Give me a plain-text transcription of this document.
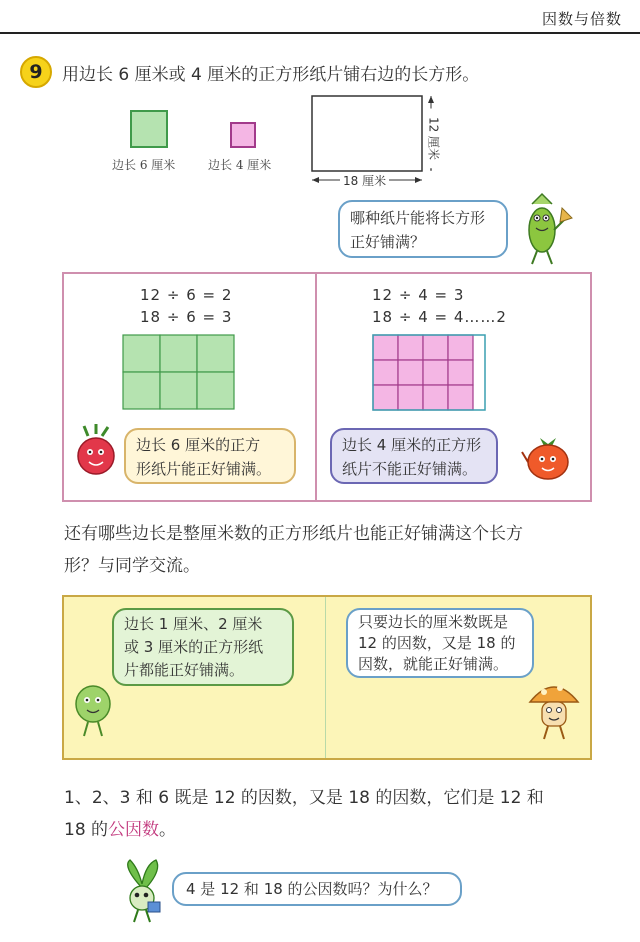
因数与倍数
9	用边长 6 厘米或 4 厘米的正方形纸片铺右边的长方形。
边长 6 厘米	边长 4 厘米
18 厘米
12 厘米
哪种纸片能将长方形
正好铺满？
12 ÷ 6 = 2
18 ÷ 6 = 3
12 ÷ 4 = 3
18 ÷ 4 = 4……2
边长 6 厘米的正方
形纸片能正好铺满。
边长 4 厘米的正方形
纸片不能正好铺满。
还有哪些边长是整厘米数的正方形纸片也能正好铺满这个长方
形？与同学交流。
边长 1 厘米、2 厘米
或 3 厘米的正方形纸
片都能正好铺满。
只要边长的厘米数既是
12 的因数，又是 18 的
因数，就能正好铺满。
1、2、3 和 6 既是 12 的因数，又是 18 的因数，它们是 12 和
18 的公因数。
4 是 12 和 18 的公因数吗？为什么？
